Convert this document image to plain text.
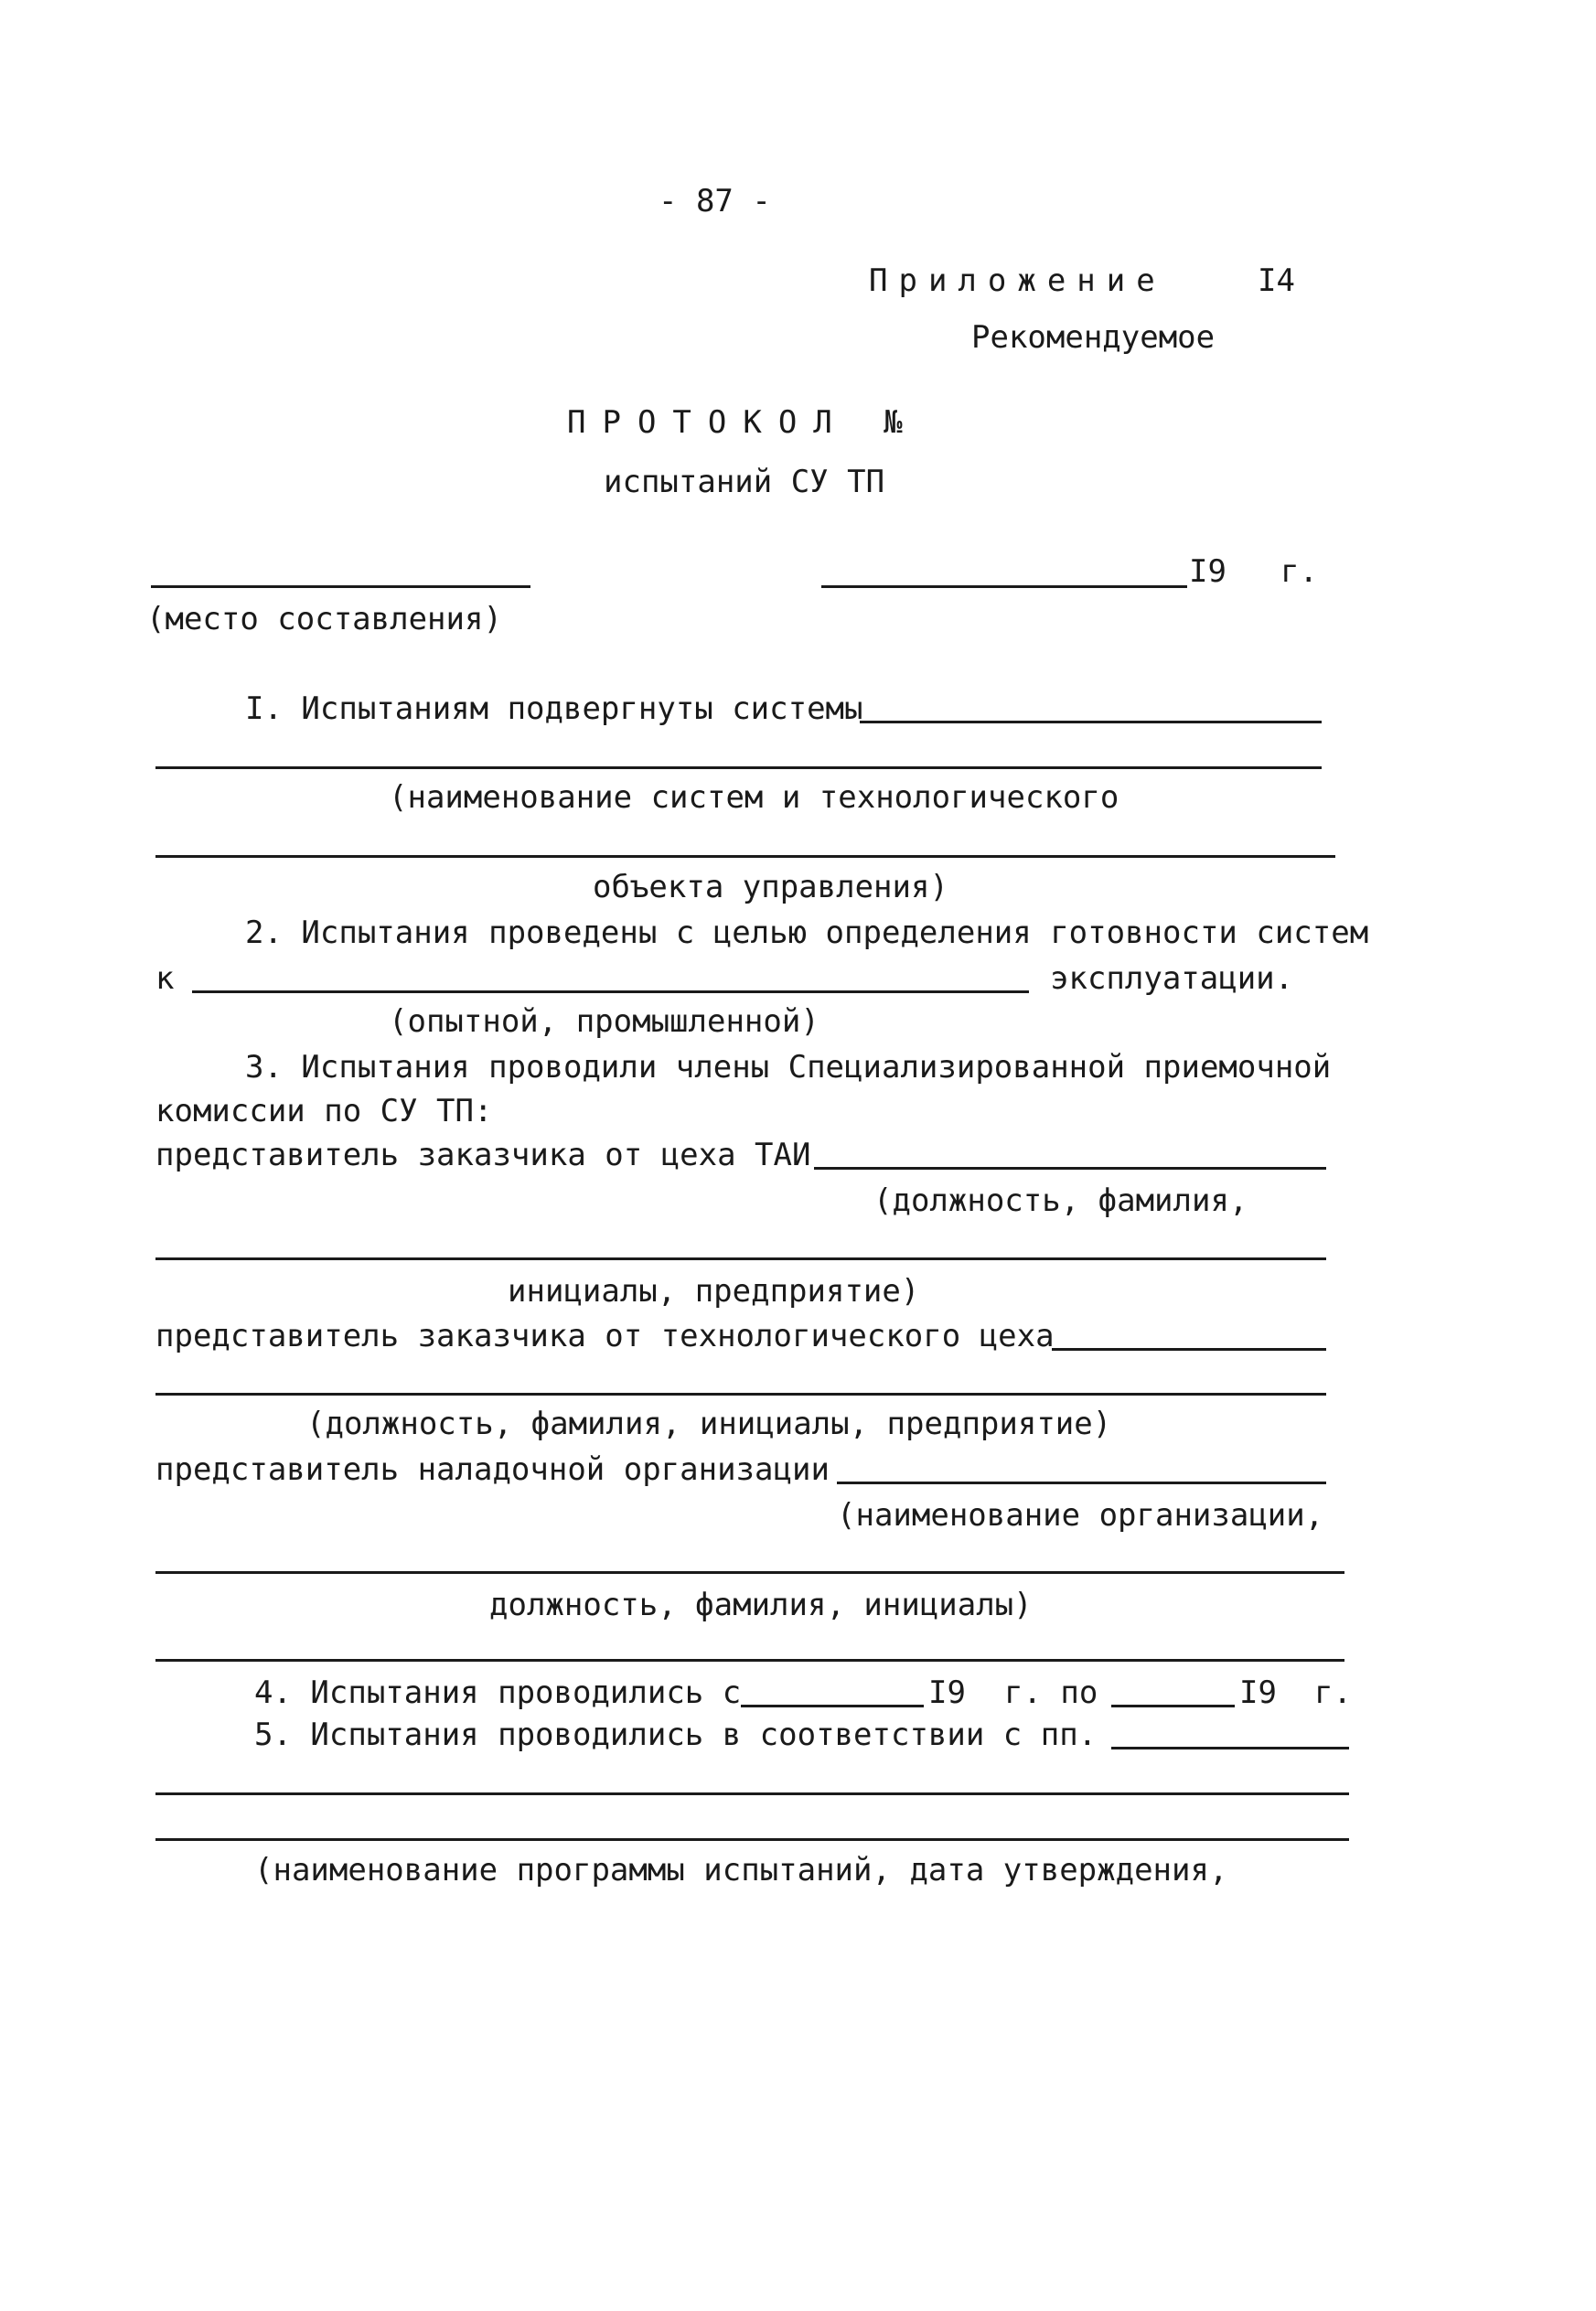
- 87 -
Приложение	I4
Рекомендуемое
ПРОТОКОЛ №
испытаний СУ ТП
I9 г.
(место составления)
I. Испытаниям подвергнуты системы
(наименование систем и технологического
объекта управления)
2. Испытания проведены с целью определения готовности систем
к	эксплуатации.
(опытной, промышленной)
3. Испытания проводили члены Специализированной приемочной
комиссии по СУ ТП:
представитель заказчика от цеха ТАИ
(должность, фамилия,
инициалы, предприятие)
представитель заказчика от технологического цеха
(должность, фамилия, инициалы, предприятие)
представитель наладочной организации
(наименование организации,
должность, фамилия, инициалы)
4. Испытания проводились с	I9 г. по	I9 г.
5. Испытания проводились в соответствии с пп.
(наименование программы испытаний, дата утверждения,
